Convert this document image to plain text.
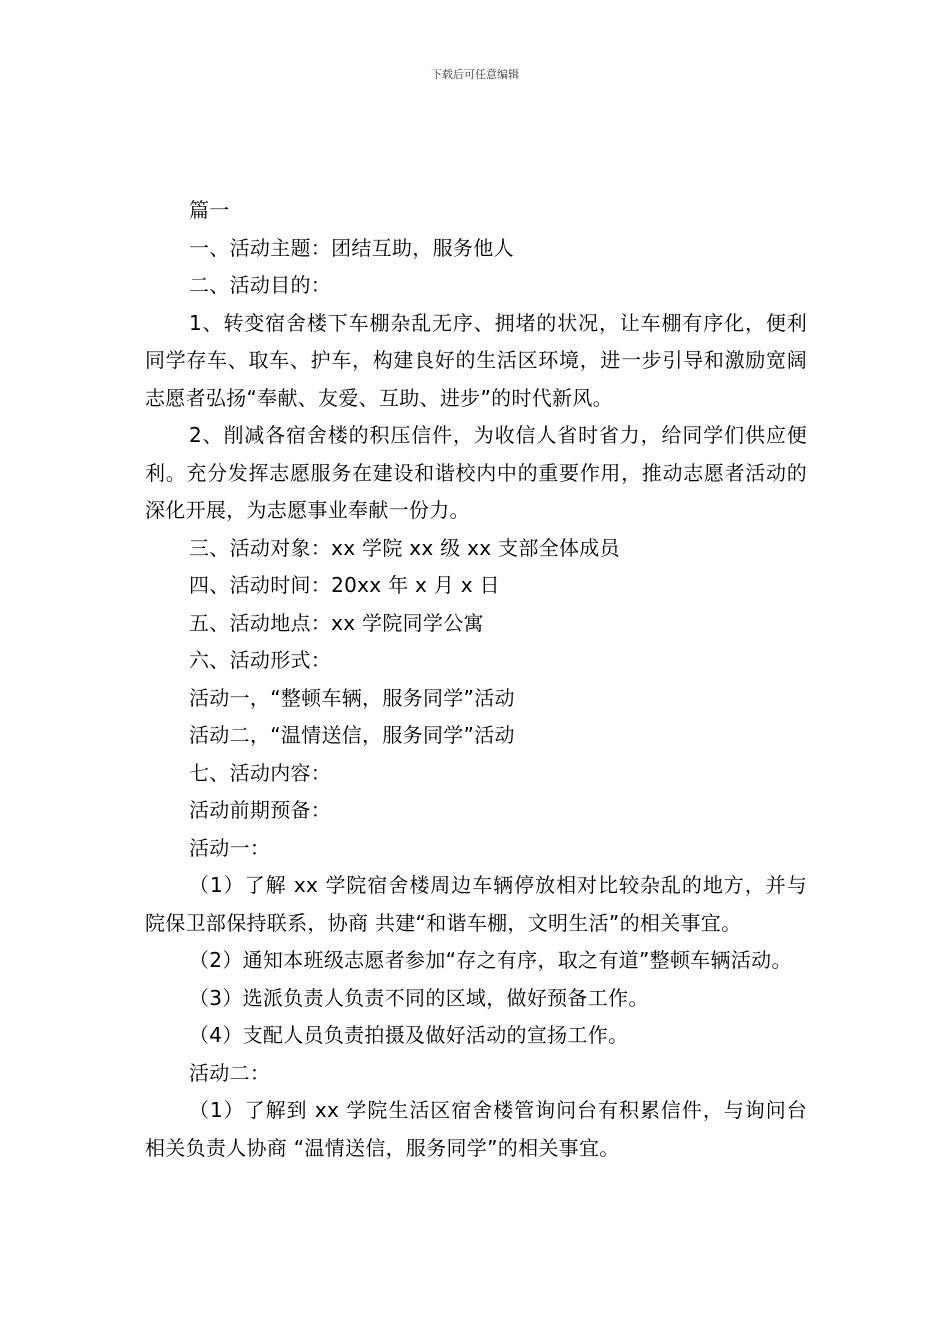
下载后可任意编辑

篇一

一、活动主题：团结互助，服务他人

二、活动目的：

1、转变宿舍楼下车棚杂乱无序、拥堵的状况，让车棚有序化，便利同学存车、取车、护车，构建良好的生活区环境，进一步引导和激励宽阔志愿者弘扬“奉献、友爱、互助、进步”的时代新风。

2、削减各宿舍楼的积压信件，为收信人省时省力，给同学们供应便利。充分发挥志愿服务在建设和谐校内中的重要作用，推动志愿者活动的深化开展，为志愿事业奉献一份力。

三、活动对象：xx 学院 xx 级 xx 支部全体成员

四、活动时间：20xx 年 x 月 x 日

五、活动地点：xx 学院同学公寓

六、活动形式：

活动一，“整顿车辆，服务同学”活动

活动二，“温情送信，服务同学”活动

七、活动内容：

活动前期预备：

活动一：

（1）了解 xx 学院宿舍楼周边车辆停放相对比较杂乱的地方，并与院保卫部保持联系，协商 共建“和谐车棚，文明生活”的相关事宜。

（2）通知本班级志愿者参加“存之有序，取之有道”整顿车辆活动。

（3）选派负责人负责不同的区域，做好预备工作。

（4）支配人员负责拍摄及做好活动的宣扬工作。

活动二：

（1）了解到 xx 学院生活区宿舍楼管询问台有积累信件，与询问台相关负责人协商 “温情送信，服务同学”的相关事宜。
